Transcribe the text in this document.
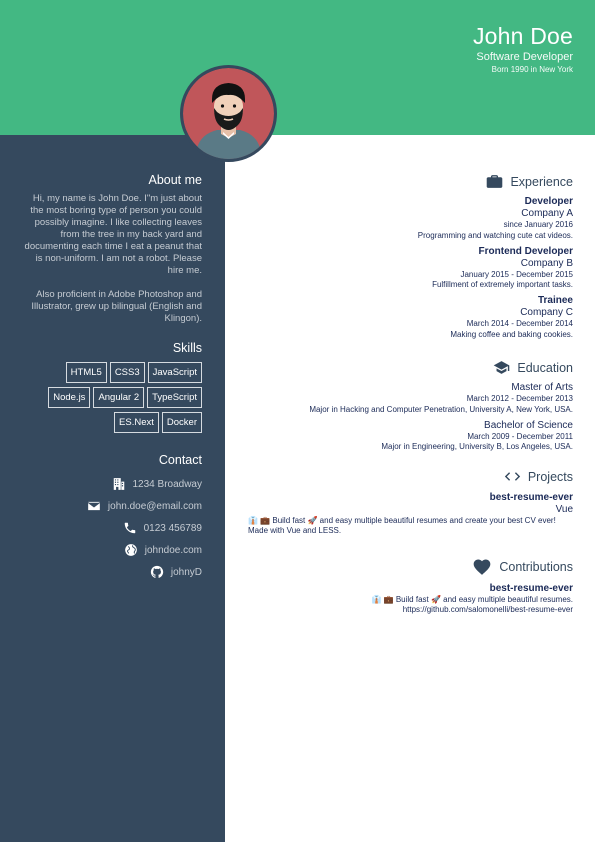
John Doe
Software Developer
Born 1990 in New York
About me

Hi, my name is John Doe. I"m just about the most boring type of person you could possibly imagine. I like collecting leaves from the tree in my back yard and documenting each time I eat a peanut that is non-uniform. I am not a robot. Please hire me.

Also proficient in Adobe Photoshop and Illustrator, grew up bilingual (English and Klingon).

Skills
HTML5	CSS3	JavaScript
Node.js	Angular 2	TypeScript
ES.Next	Docker
Contact
1234 Broadway
john.doe@email.com
0123 456789
johndoe.com
johnyD
Experience
Developer
Company A
since January 2016
Programming and watching cute cat videos.
Frontend Developer
Company B
January 2015 - December 2015
Fulfillment of extremely important tasks.
Trainee
Company C
March 2014 - December 2014
Making coffee and baking cookies.
Education
Master of Arts
March 2012 - December 2013
Major in Hacking and Computer Penetration, University A, New York, USA.
Bachelor of Science
March 2009 - December 2011
Major in Engineering, University B, Los Angeles, USA.
Projects
best-resume-ever
Vue
👔 💼 Build fast 🚀 and easy multiple beautiful resumes and create your best CV ever! Made with Vue and LESS.
Contributions
best-resume-ever
👔 💼 Build fast 🚀 and easy multiple beautiful resumes.
https://github.com/salomonelli/best-resume-ever
